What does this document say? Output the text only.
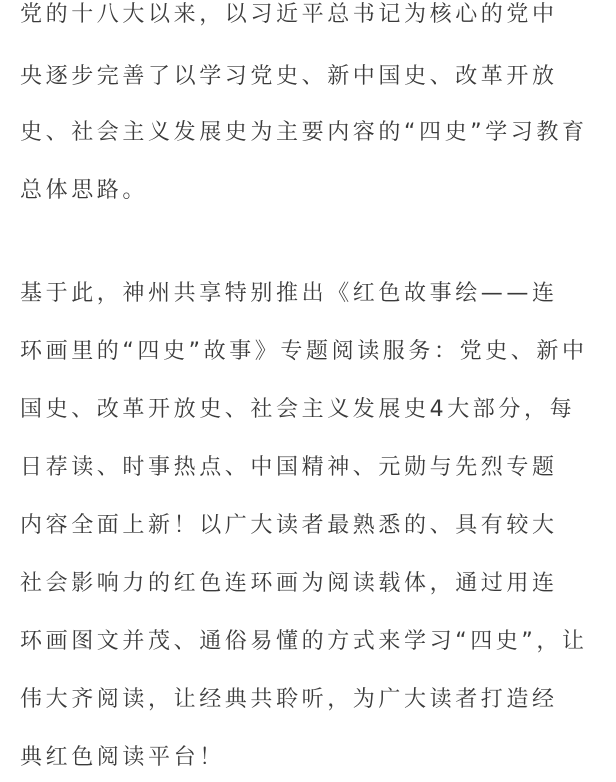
党的十八大以来，以习近平总书记为核心的党中
央逐步完善了以学习党史、新中国史、改革开放
史、社会主义发展史为主要内容的“四史”学习教育
总体思路。
基于此，神州共享特别推出《红色故事绘——连
环画里的“四史”故事》专题阅读服务：党史、新中
国史、改革开放史、社会主义发展史4大部分，每
日荐读、时事热点、中国精神、元勋与先烈专题
内容全面上新！以广大读者最熟悉的、具有较大
社会影响力的红色连环画为阅读载体，通过用连
环画图文并茂、通俗易懂的方式来学习“四史”，让
伟大齐阅读，让经典共聆听，为广大读者打造经
典红色阅读平台！
